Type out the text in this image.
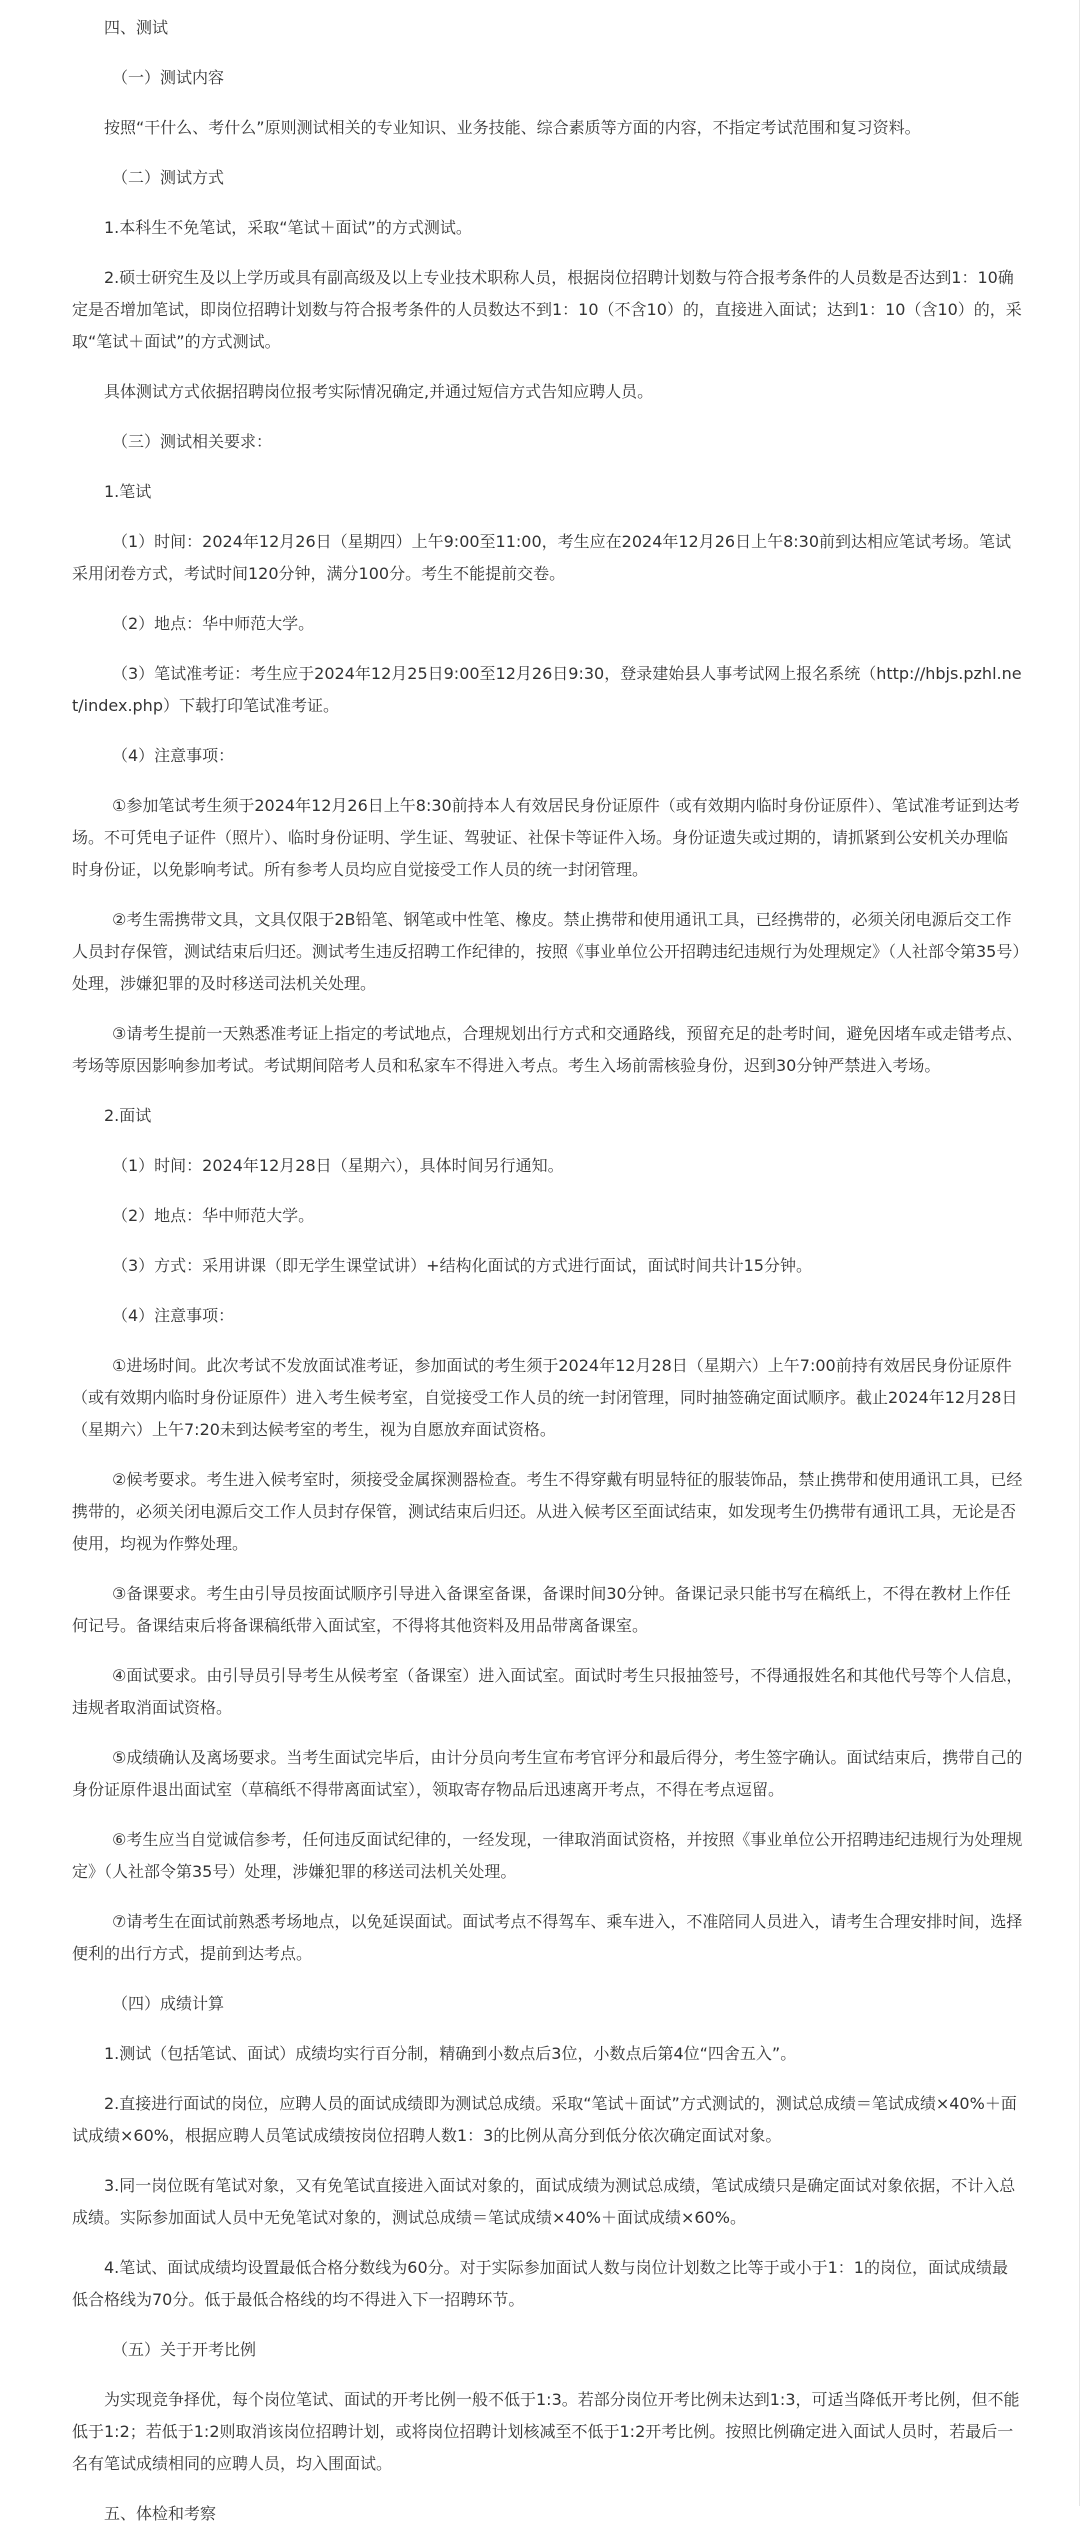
四、测试

（一）测试内容

按照“干什么、考什么”原则测试相关的专业知识、业务技能、综合素质等方面的内容，不指定考试范围和复习资料。

（二）测试方式

1.本科生不免笔试，采取“笔试＋面试”的方式测试。

2.硕士研究生及以上学历或具有副高级及以上专业技术职称人员，根据岗位招聘计划数与符合报考条件的人员数是否达到1：10确定是否增加笔试，即岗位招聘计划数与符合报考条件的人员数达不到1：10（不含10）的，直接进入面试；达到1：10（含10）的，采取“笔试＋面试”的方式测试。

具体测试方式依据招聘岗位报考实际情况确定,并通过短信方式告知应聘人员。

（三）测试相关要求：

1.笔试

（1）时间：2024年12月26日（星期四）上午9:00至11:00，考生应在2024年12月26日上午8:30前到达相应笔试考场。笔试采用闭卷方式，考试时间120分钟，满分100分。考生不能提前交卷。

（2）地点：华中师范大学。

（3）笔试准考证：考生应于2024年12月25日9:00至12月26日9:30，登录建始县人事考试网上报名系统（http://hbjs.pzhl.net/index.php）下载打印笔试准考证。

（4）注意事项：

①参加笔试考生须于2024年12月26日上午8:30前持本人有效居民身份证原件（或有效期内临时身份证原件）、笔试准考证到达考场。不可凭电子证件（照片）、临时身份证明、学生证、驾驶证、社保卡等证件入场。身份证遗失或过期的，请抓紧到公安机关办理临时身份证，以免影响考试。所有参考人员均应自觉接受工作人员的统一封闭管理。

②考生需携带文具，文具仅限于2B铅笔、钢笔或中性笔、橡皮。禁止携带和使用通讯工具，已经携带的，必须关闭电源后交工作人员封存保管，测试结束后归还。测试考生违反招聘工作纪律的，按照《事业单位公开招聘违纪违规行为处理规定》（人社部令第35号）处理，涉嫌犯罪的及时移送司法机关处理。

③请考生提前一天熟悉准考证上指定的考试地点，合理规划出行方式和交通路线，预留充足的赴考时间，避免因堵车或走错考点、考场等原因影响参加考试。考试期间陪考人员和私家车不得进入考点。考生入场前需核验身份，迟到30分钟严禁进入考场。

2.面试

（1）时间：2024年12月28日（星期六），具体时间另行通知。

（2）地点：华中师范大学。

（3）方式：采用讲课（即无学生课堂试讲）+结构化面试的方式进行面试，面试时间共计15分钟。

（4）注意事项：

①进场时间。此次考试不发放面试准考证，参加面试的考生须于2024年12月28日（星期六）上午7:00前持有效居民身份证原件（或有效期内临时身份证原件）进入考生候考室，自觉接受工作人员的统一封闭管理，同时抽签确定面试顺序。截止2024年12月28日（星期六）上午7:20未到达候考室的考生，视为自愿放弃面试资格。

②候考要求。考生进入候考室时，须接受金属探测器检查。考生不得穿戴有明显特征的服装饰品，禁止携带和使用通讯工具，已经携带的，必须关闭电源后交工作人员封存保管，测试结束后归还。从进入候考区至面试结束，如发现考生仍携带有通讯工具，无论是否使用，均视为作弊处理。

③备课要求。考生由引导员按面试顺序引导进入备课室备课，备课时间30分钟。备课记录只能书写在稿纸上，不得在教材上作任何记号。备课结束后将备课稿纸带入面试室，不得将其他资料及用品带离备课室。

④面试要求。由引导员引导考生从候考室（备课室）进入面试室。面试时考生只报抽签号，不得通报姓名和其他代号等个人信息，违规者取消面试资格。

⑤成绩确认及离场要求。当考生面试完毕后，由计分员向考生宣布考官评分和最后得分，考生签字确认。面试结束后，携带自己的身份证原件退出面试室（草稿纸不得带离面试室），领取寄存物品后迅速离开考点，不得在考点逗留。

⑥考生应当自觉诚信参考，任何违反面试纪律的，一经发现，一律取消面试资格，并按照《事业单位公开招聘违纪违规行为处理规定》（人社部令第35号）处理，涉嫌犯罪的移送司法机关处理。

⑦请考生在面试前熟悉考场地点，以免延误面试。面试考点不得驾车、乘车进入，不准陪同人员进入，请考生合理安排时间，选择便利的出行方式，提前到达考点。

（四）成绩计算

1.测试（包括笔试、面试）成绩均实行百分制，精确到小数点后3位，小数点后第4位“四舍五入”。

2.直接进行面试的岗位，应聘人员的面试成绩即为测试总成绩。采取“笔试＋面试”方式测试的，测试总成绩＝笔试成绩×40%＋面试成绩×60%，根据应聘人员笔试成绩按岗位招聘人数1：3的比例从高分到低分依次确定面试对象。

3.同一岗位既有笔试对象，又有免笔试直接进入面试对象的，面试成绩为测试总成绩，笔试成绩只是确定面试对象依据，不计入总成绩。实际参加面试人员中无免笔试对象的，测试总成绩＝笔试成绩×40%＋面试成绩×60%。

4.笔试、面试成绩均设置最低合格分数线为60分。对于实际参加面试人数与岗位计划数之比等于或小于1：1的岗位，面试成绩最低合格线为70分。低于最低合格线的均不得进入下一招聘环节。

（五）关于开考比例

为实现竞争择优，每个岗位笔试、面试的开考比例一般不低于1:3。若部分岗位开考比例未达到1:3，可适当降低开考比例，但不能低于1:2；若低于1:2则取消该岗位招聘计划，或将岗位招聘计划核减至不低于1:2开考比例。按照比例确定进入面试人员时，若最后一名有笔试成绩相同的应聘人员，均入围面试。

五、体检和考察
